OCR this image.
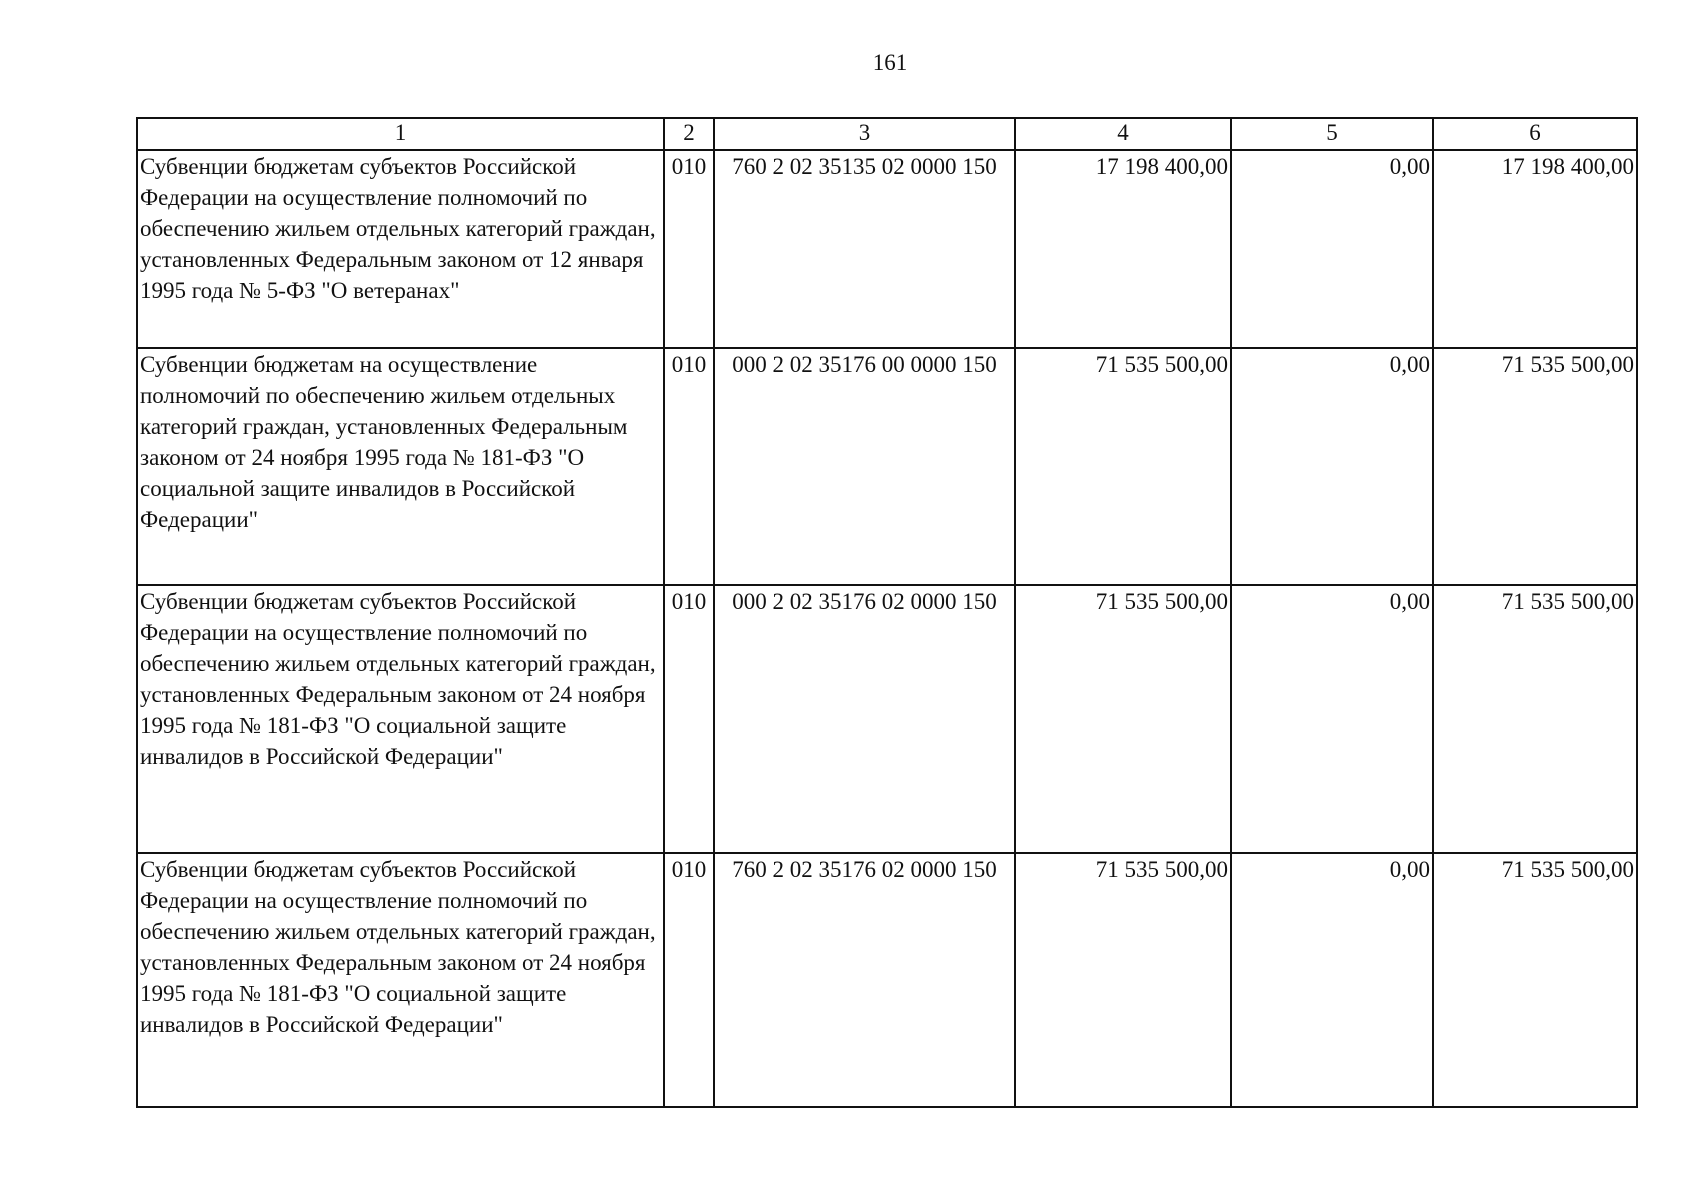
161
1	2	3	4	5	6
Субвенции бюджетам субъектов Российской Федерации на осуществление полномочий по обеспечению жильем отдельных категорий граждан, установленных Федеральным законом от 12 января 1995 года № 5-ФЗ "О ветеранах"	010	760 2 02 35135 02 0000 150	17 198 400,00	0,00	17 198 400,00
Субвенции бюджетам на осуществление полномочий по обеспечению жильем отдельных категорий граждан, установленных Федеральным законом от 24 ноября 1995 года № 181-ФЗ "О социальной защите инвалидов в Российской Федерации"	010	000 2 02 35176 00 0000 150	71 535 500,00	0,00	71 535 500,00
Субвенции бюджетам субъектов Российской Федерации на осуществление полномочий по обеспечению жильем отдельных категорий граждан, установленных Федеральным законом от 24 ноября 1995 года № 181-ФЗ "О социальной защите инвалидов в Российской Федерации"	010	000 2 02 35176 02 0000 150	71 535 500,00	0,00	71 535 500,00
Субвенции бюджетам субъектов Российской Федерации на осуществление полномочий по обеспечению жильем отдельных категорий граждан, установленных Федеральным законом от 24 ноября 1995 года № 181-ФЗ "О социальной защите инвалидов в Российской Федерации"	010	760 2 02 35176 02 0000 150	71 535 500,00	0,00	71 535 500,00
